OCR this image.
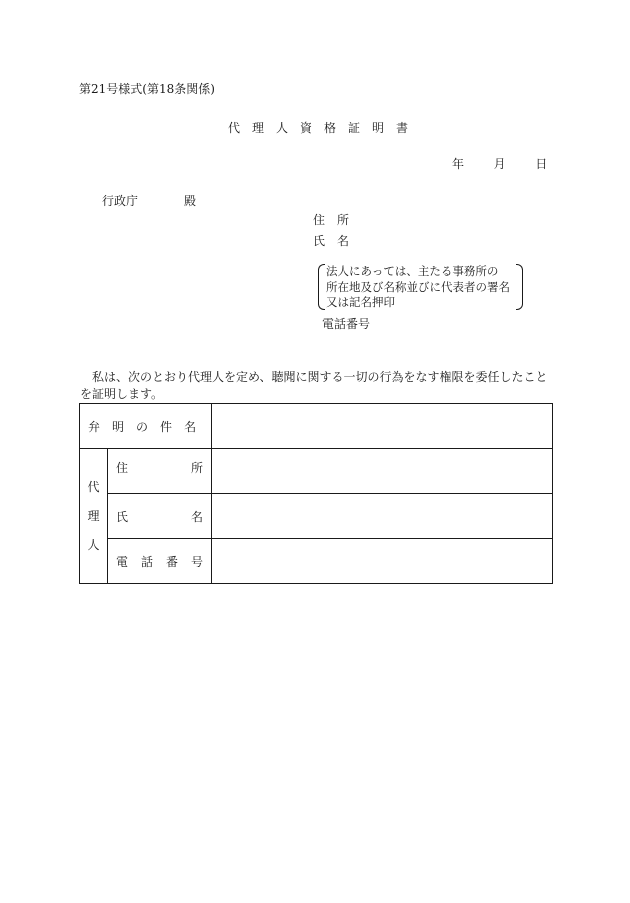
第21号様式(第18条関係)
代　理　人　資　格　証　明　書
年 月 日
行政庁	殿
住　所
氏　名
法人にあっては、主たる事務所の
所在地及び名称並びに代表者の署名
又は記名押印
電話番号
私は、次のとおり代理人を定め、聴聞に関する一切の行為をなす権限を委任したことを証明します。
弁 明 の 件 名		

代
理
人	住 所	

	氏 名	

	電 話 番 号	
